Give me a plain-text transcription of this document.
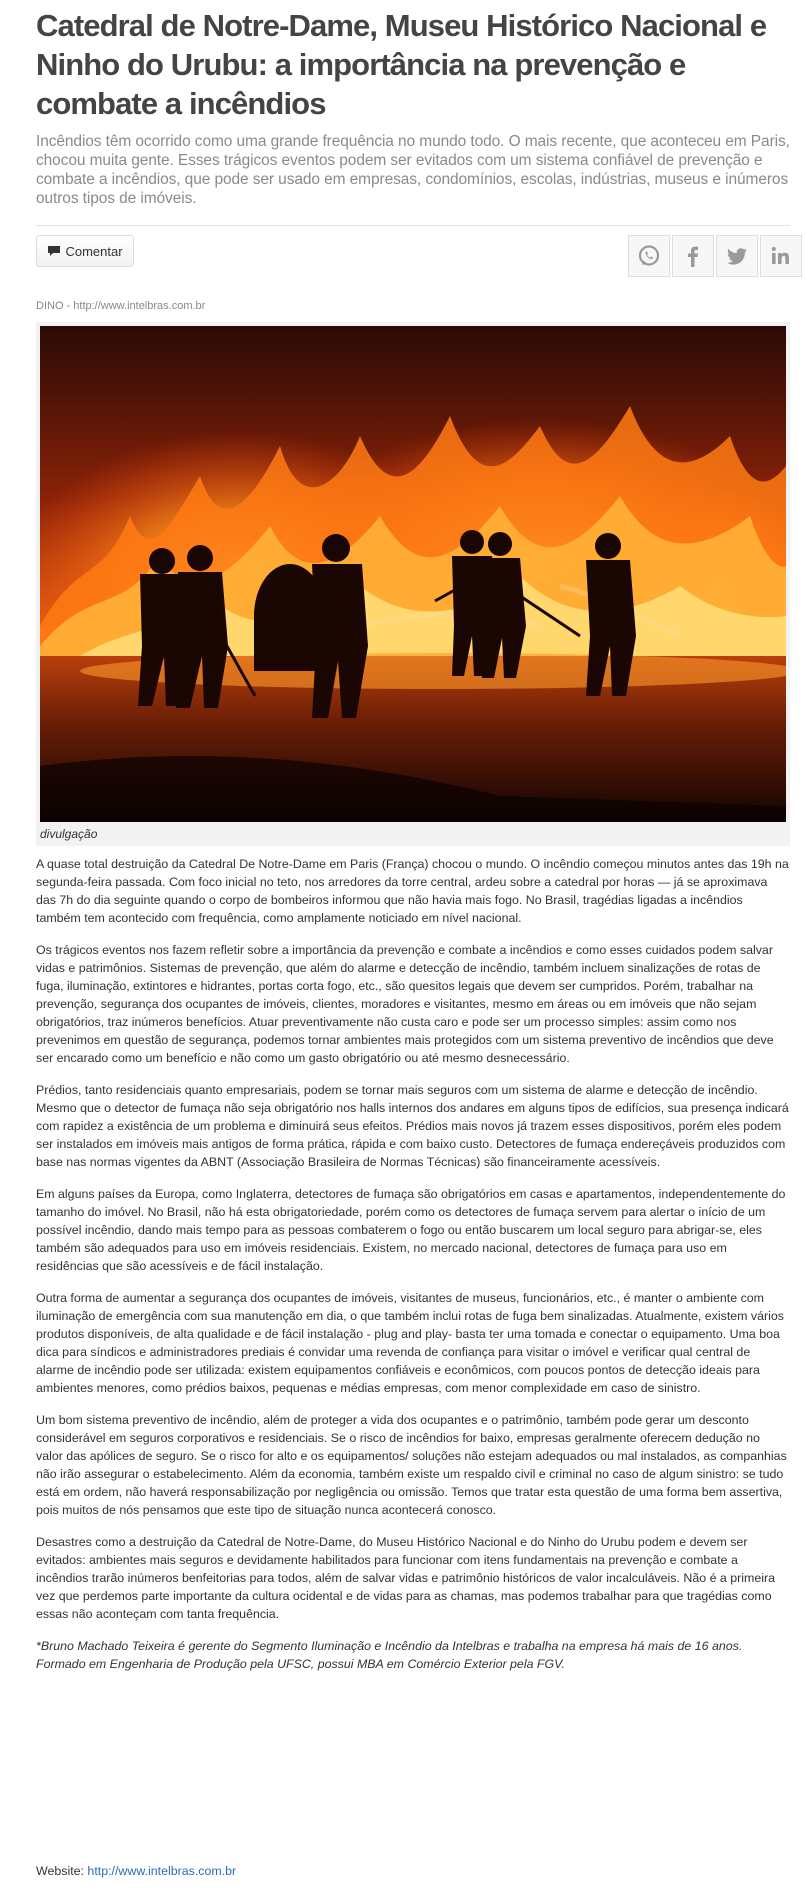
Catedral de Notre-Dame, Museu Histórico Nacional e Ninho do Urubu: a importância na prevenção e combate a incêndios

Incêndios têm ocorrido como uma grande frequência no mundo todo. O mais recente, que aconteceu em Paris, chocou muita gente. Esses trágicos eventos podem ser evitados com um sistema confiável de prevenção e combate a incêndios, que pode ser usado em empresas, condomínios, escolas, indústrias, museus e inúmeros outros tipos de imóveis.

Comentar
DINO - http://www.intelbras.com.br
divulgação

A quase total destruição da Catedral De Notre-Dame em Paris (França) chocou o mundo. O incêndio começou minutos antes das 19h na segunda-feira passada. Com foco inicial no teto, nos arredores da torre central, ardeu sobre a catedral por horas — já se aproximava das 7h do dia seguinte quando o corpo de bombeiros informou que não havia mais fogo. No Brasil, tragédias ligadas a incêndios também tem acontecido com frequência, como amplamente noticiado em nível nacional.

Os trágicos eventos nos fazem refletir sobre a importância da prevenção e combate a incêndios e como esses cuidados podem salvar vidas e patrimônios. Sistemas de prevenção, que além do alarme e detecção de incêndio, também incluem sinalizações de rotas de fuga, iluminação, extintores e hidrantes, portas corta fogo, etc., são quesitos legais que devem ser cumpridos. Porém, trabalhar na prevenção, segurança dos ocupantes de imóveis, clientes, moradores e visitantes, mesmo em áreas ou em imóveis que não sejam obrigatórios, traz inúmeros benefícios. Atuar preventivamente não custa caro e pode ser um processo simples: assim como nos prevenimos em questão de segurança, podemos tornar ambientes mais protegidos com um sistema preventivo de incêndios que deve ser encarado como um benefício e não como um gasto obrigatório ou até mesmo desnecessário.

Prédios, tanto residenciais quanto empresariais, podem se tornar mais seguros com um sistema de alarme e detecção de incêndio. Mesmo que o detector de fumaça não seja obrigatório nos halls internos dos andares em alguns tipos de edifícios, sua presença indicará com rapidez a existência de um problema e diminuirá seus efeitos. Prédios mais novos já trazem esses dispositivos, porém eles podem ser instalados em imóveis mais antigos de forma prática, rápida e com baixo custo. Detectores de fumaça endereçáveis produzidos com base nas normas vigentes da ABNT (Associação Brasileira de Normas Técnicas) são financeiramente acessíveis.

Em alguns países da Europa, como Inglaterra, detectores de fumaça são obrigatórios em casas e apartamentos, independentemente do tamanho do imóvel. No Brasil, não há esta obrigatoriedade, porém como os detectores de fumaça servem para alertar o início de um possível incêndio, dando mais tempo para as pessoas combaterem o fogo ou então buscarem um local seguro para abrigar-se, eles também são adequados para uso em imóveis residenciais. Existem, no mercado nacional, detectores de fumaça para uso em residências que são acessíveis e de fácil instalação.

Outra forma de aumentar a segurança dos ocupantes de imóveis, visitantes de museus, funcionários, etc., é manter o ambiente com iluminação de emergência com sua manutenção em dia, o que também inclui rotas de fuga bem sinalizadas. Atualmente, existem vários produtos disponíveis, de alta qualidade e de fácil instalação - plug and play- basta ter uma tomada e conectar o equipamento. Uma boa dica para síndicos e administradores prediais é convidar uma revenda de confiança para visitar o imóvel e verificar qual central de alarme de incêndio pode ser utilizada: existem equipamentos confiáveis e econômicos, com poucos pontos de detecção ideais para ambientes menores, como prédios baixos, pequenas e médias empresas, com menor complexidade em caso de sinistro.

Um bom sistema preventivo de incêndio, além de proteger a vida dos ocupantes e o patrimônio, também pode gerar um desconto considerável em seguros corporativos e residenciais. Se o risco de incêndios for baixo, empresas geralmente oferecem dedução no valor das apólices de seguro. Se o risco for alto e os equipamentos/ soluções não estejam adequados ou mal instalados, as companhias não irão assegurar o estabelecimento. Além da economia, também existe um respaldo civil e criminal no caso de algum sinistro: se tudo está em ordem, não haverá responsabilização por negligência ou omissão. Temos que tratar esta questão de uma forma bem assertiva, pois muitos de nós pensamos que este tipo de situação nunca acontecerá conosco.

Desastres como a destruição da Catedral de Notre-Dame, do Museu Histórico Nacional e do Ninho do Urubu podem e devem ser evitados: ambientes mais seguros e devidamente habilitados para funcionar com itens fundamentais na prevenção e combate a incêndios trarão inúmeros benfeitorias para todos, além de salvar vidas e patrimônio históricos de valor incalculáveis. Não é a primeira vez que perdemos parte importante da cultura ocidental e de vidas para as chamas, mas podemos trabalhar para que tragédias como essas não aconteçam com tanta frequência.

*Bruno Machado Teixeira é gerente do Segmento Iluminação e Incêndio da Intelbras e trabalha na empresa há mais de 16 anos. Formado em Engenharia de Produção pela UFSC, possui MBA em Comércio Exterior pela FGV.

Website: http://www.intelbras.com.br
